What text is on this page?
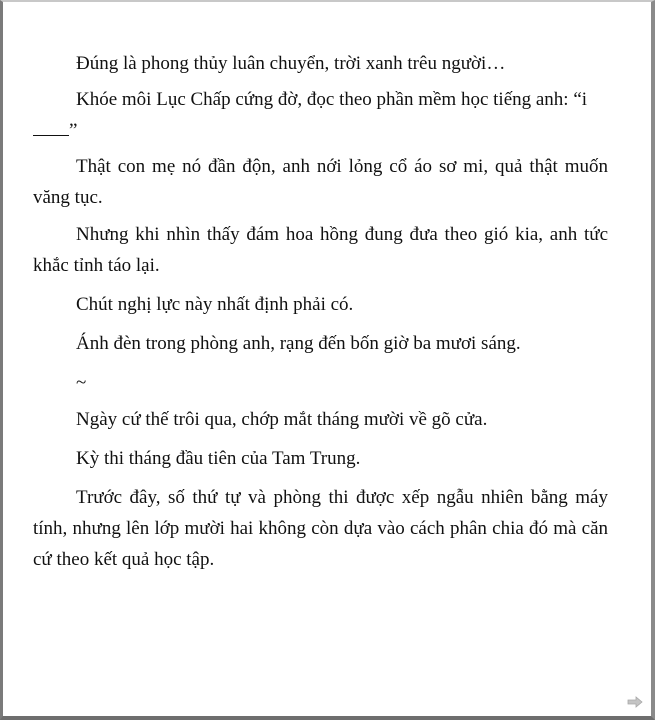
Đúng là phong thủy luân chuyển, trời xanh trêu người…

Khóe môi Lục Chấp cứng đờ, đọc theo phần mềm học tiếng anh: “i
”

Thật con mẹ nó đần độn, anh nới lỏng cổ áo sơ mi, quả thật muốn văng tục.

Nhưng khi nhìn thấy đám hoa hồng đung đưa theo gió kia, anh tức khắc tỉnh táo lại.

Chút nghị lực này nhất định phải có.

Ánh đèn trong phòng anh, rạng đến bốn giờ ba mươi sáng.

~

Ngày cứ thế trôi qua, chớp mắt tháng mười về gõ cửa.

Kỳ thi tháng đầu tiên của Tam Trung.

Trước đây, số thứ tự và phòng thi được xếp ngẫu nhiên bằng máy tính, nhưng lên lớp mười hai không còn dựa vào cách phân chia đó mà căn cứ theo kết quả học tập.
